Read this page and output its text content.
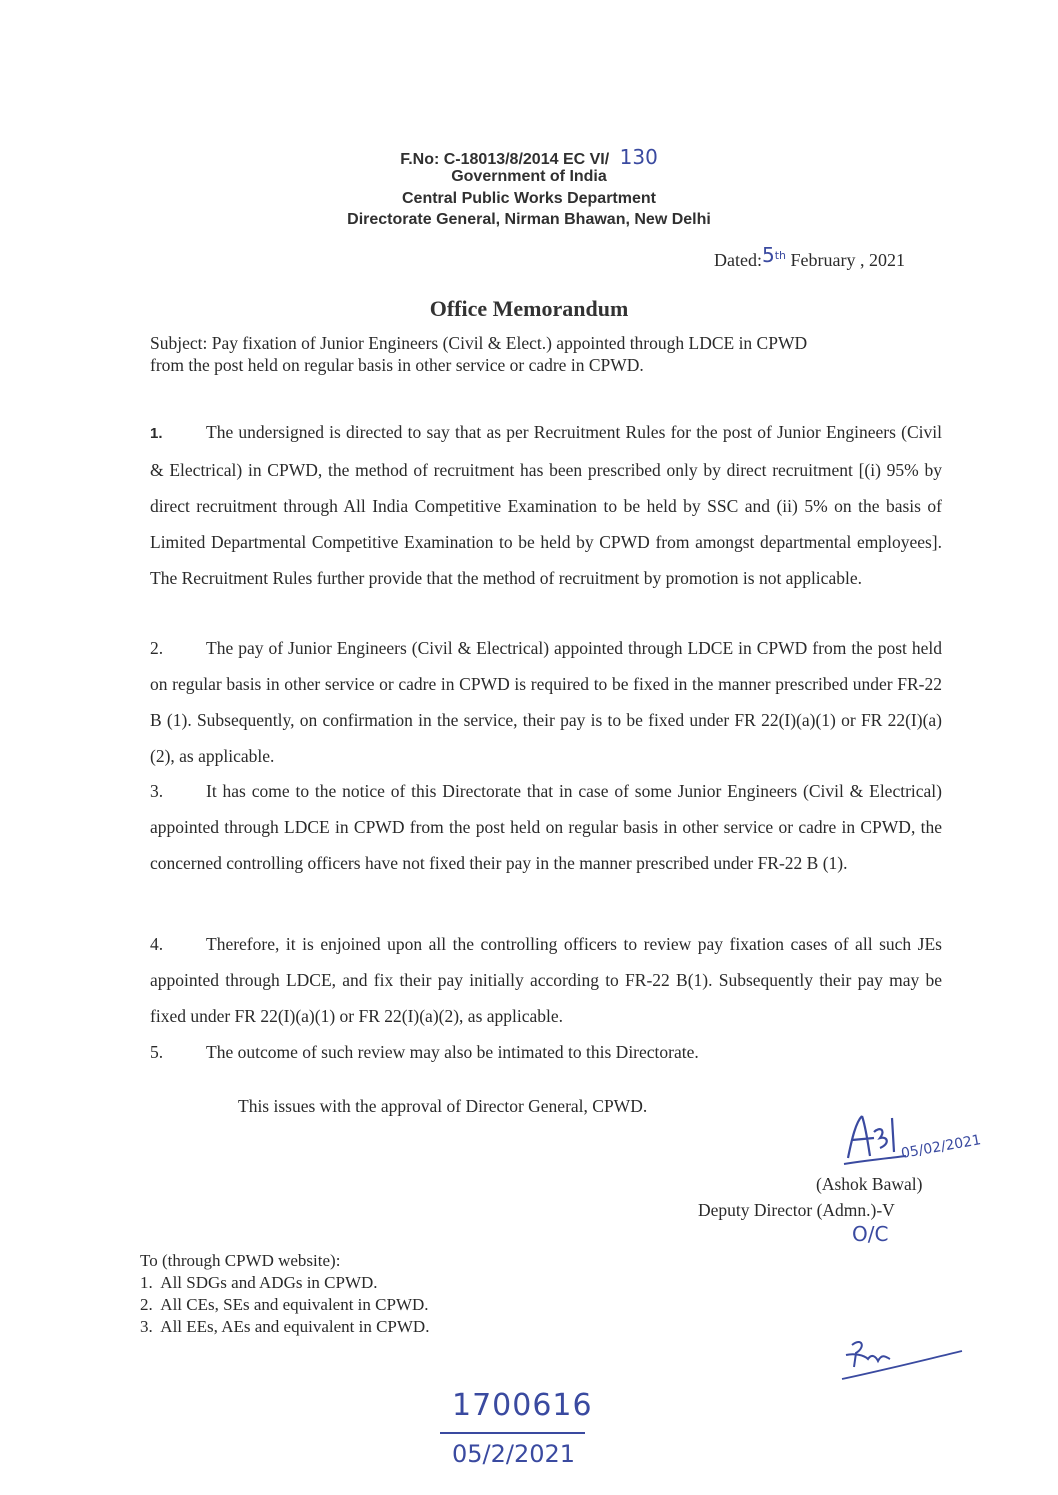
F.No: C-18013/8/2014 EC VI/ 130
Government of India
Central Public Works Department
Directorate General, Nirman Bhawan, New Delhi
Dated:5th February , 2021
Office Memorandum
Subject: Pay fixation of Junior Engineers (Civil & Elect.) appointed through LDCE in CPWD
from the post held on regular basis in other service or cadre in CPWD.
1. The undersigned is directed to say that as per Recruitment Rules for the post of Junior Engineers (Civil & Electrical) in CPWD, the method of recruitment has been prescribed only by direct recruitment [(i) 95% by direct recruitment through All India Competitive Examination to be held by SSC and (ii) 5% on the basis of Limited Departmental Competitive Examination to be held by CPWD from amongst departmental employees]. The Recruitment Rules further provide that the method of recruitment by promotion is not applicable.
2. The pay of Junior Engineers (Civil & Electrical) appointed through LDCE in CPWD from the post held on regular basis in other service or cadre in CPWD is required to be fixed in the manner prescribed under FR-22 B (1). Subsequently, on confirmation in the service, their pay is to be fixed under FR 22(I)(a)(1) or FR 22(I)(a)(2), as applicable.
3. It has come to the notice of this Directorate that in case of some Junior Engineers (Civil & Electrical) appointed through LDCE in CPWD from the post held on regular basis in other service or cadre in CPWD, the concerned controlling officers have not fixed their pay in the manner prescribed under FR-22 B (1).
4. Therefore, it is enjoined upon all the controlling officers to review pay fixation cases of all such JEs appointed through LDCE, and fix their pay initially according to FR-22 B(1). Subsequently their pay may be fixed under FR 22(I)(a)(1) or FR 22(I)(a)(2), as applicable.
5. The outcome of such review may also be intimated to this Directorate.
This issues with the approval of Director General, CPWD.
05/02/2021
(Ashok Bawal)
Deputy Director (Admn.)-V
O/C
To (through CPWD website):
1.  All SDGs and ADGs in CPWD.
2.  All CEs, SEs and equivalent in CPWD.
3.  All EEs, AEs and equivalent in CPWD.
1700616
05/2/2021
